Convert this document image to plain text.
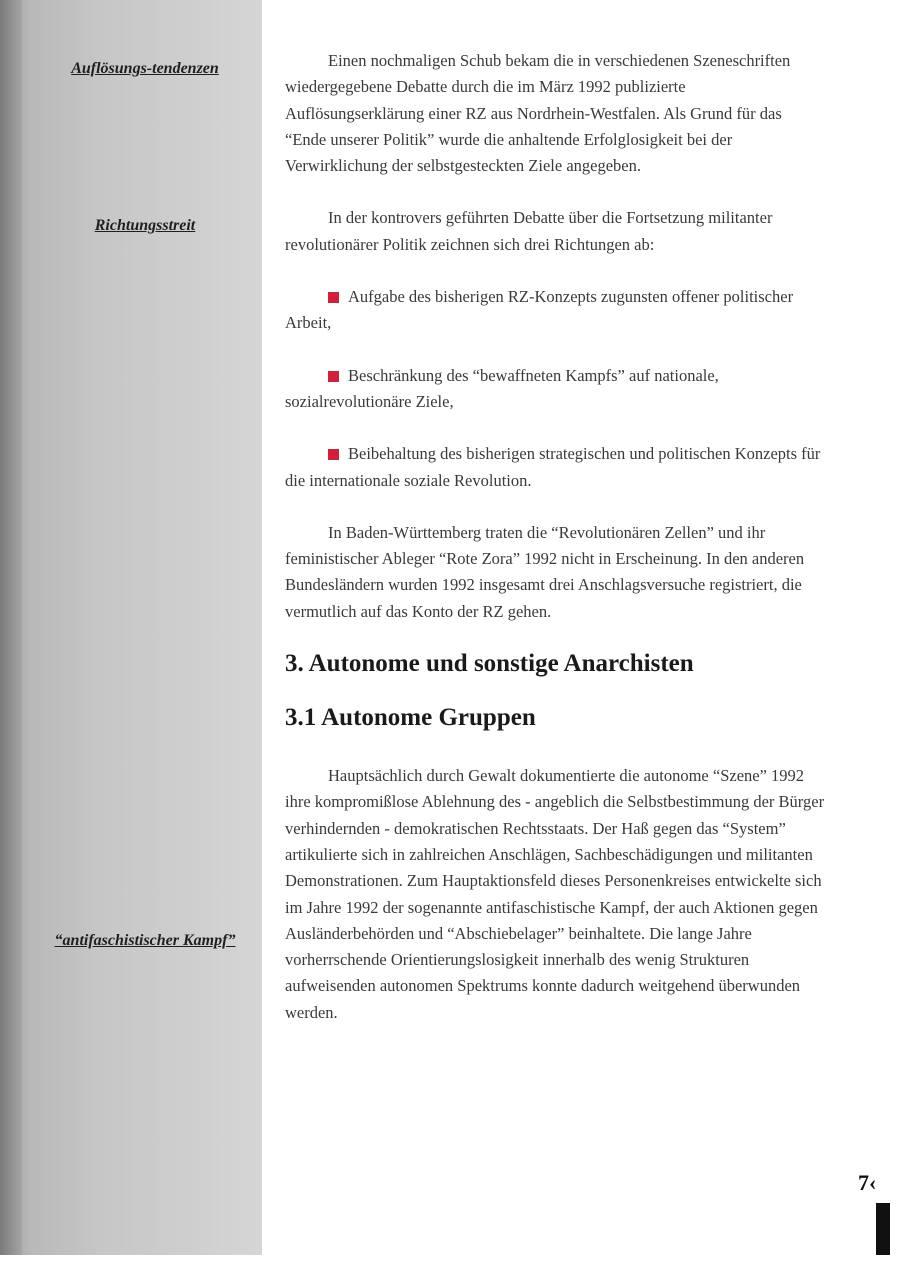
Auflösungs-tendenzen
Richtungsstreit
“antifaschistischer Kampf”

Einen nochmaligen Schub bekam die in verschiedenen Szeneschriften wiedergegebene Debatte durch die im März 1992 publizierte Auflösungserklärung einer RZ aus Nordrhein-Westfalen. Als Grund für das “Ende unserer Politik” wurde die anhaltende Erfolglosigkeit bei der Verwirklichung der selbstgesteckten Ziele angegeben.

In der kontrovers geführten Debatte über die Fortsetzung militanter revolutionärer Politik zeichnen sich drei Richtungen ab:

Aufgabe des bisherigen RZ-Konzepts zugunsten offener politischer Arbeit,

Beschränkung des “bewaffneten Kampfs” auf nationale, sozialrevolutionäre Ziele,

Beibehaltung des bisherigen strategischen und politischen Konzepts für die internationale soziale Revolution.

In Baden-Württemberg traten die “Revolutionären Zellen” und ihr feministischer Ableger “Rote Zora” 1992 nicht in Erscheinung. In den anderen Bundesländern wurden 1992 insgesamt drei Anschlagsversuche registriert, die vermutlich auf das Konto der RZ gehen.

3. Autonome und sonstige Anarchisten
3.1 Autonome Gruppen

Hauptsächlich durch Gewalt dokumentierte die autonome “Szene” 1992 ihre kompromißlose Ablehnung des - angeblich die Selbstbestimmung der Bürger verhindernden - demokratischen Rechtsstaats. Der Haß gegen das “System” artikulierte sich in zahlreichen Anschlägen, Sachbeschädigungen und militanten Demonstrationen. Zum Hauptaktionsfeld dieses Personenkreises entwickelte sich im Jahre 1992 der sogenannte antifaschistische Kampf, der auch Aktionen gegen Ausländerbehörden und “Abschiebelager” beinhaltete. Die lange Jahre vorherrschende Orientierungslosigkeit innerhalb des wenig Strukturen aufweisenden autonomen Spektrums konnte dadurch weitgehend überwunden werden.

7‹
